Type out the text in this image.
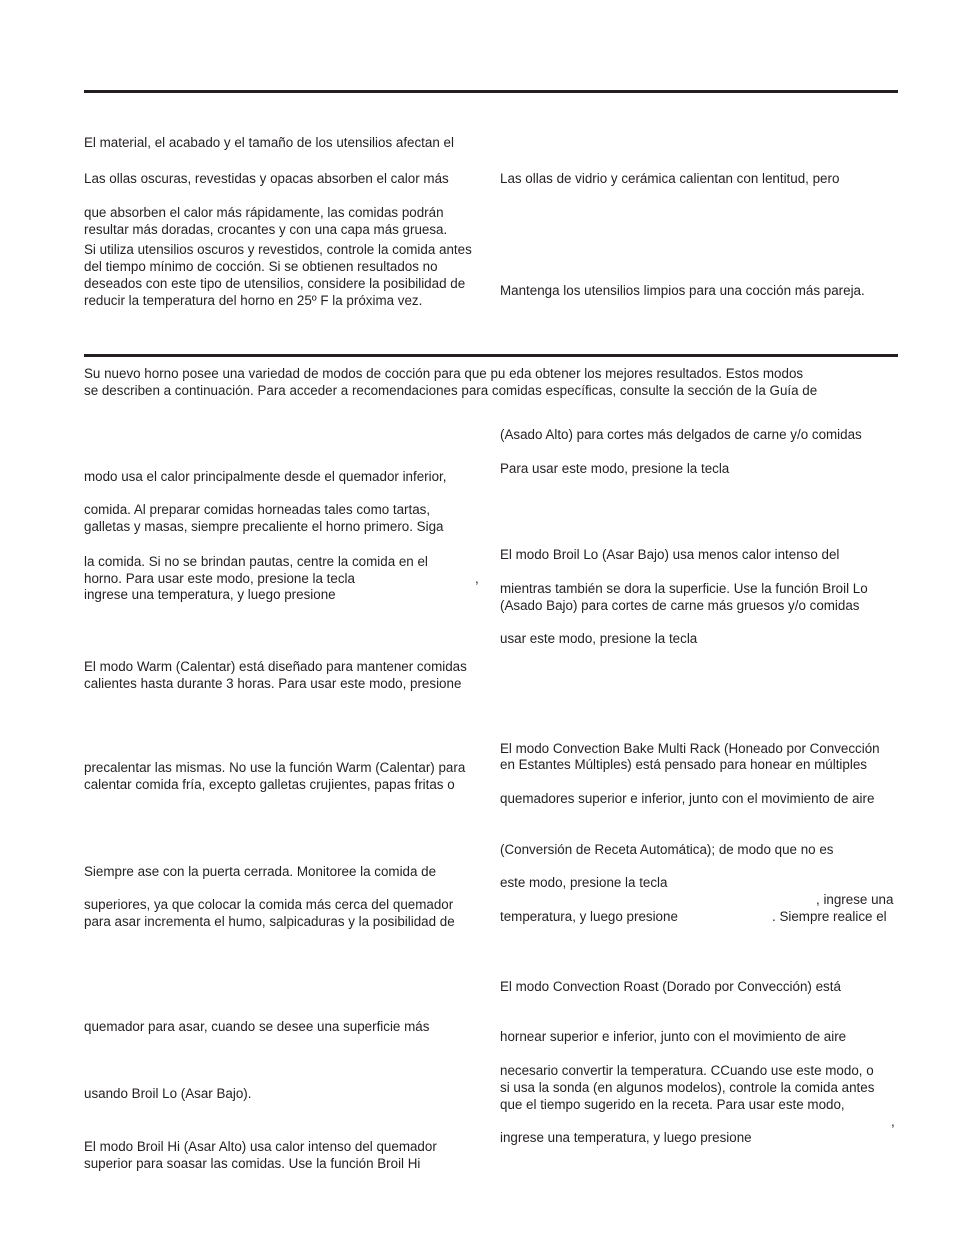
El material, el acabado y el tamaño de los utensilios afectan el
Las ollas oscuras, revestidas y opacas absorben el calor más
que absorben el calor más rápidamente, las comidas podrán
resultar más doradas, crocantes y con una capa más gruesa.
Si utiliza utensilios oscuros y revestidos, controle la comida antes
del tiempo mínimo de cocción. Si se obtienen resultados no
deseados con este tipo de utensilios, considere la posibilidad de
reducir la temperatura del horno en 25º F la próxima vez.
Las ollas de vidrio y cerámica calientan con lentitud, pero
Mantenga los utensilios limpios para una cocción más pareja.
Su nuevo horno posee una variedad de modos de cocción para que pu eda obtener los mejores resultados. Estos modos
se describen a continuación. Para acceder a recomendaciones para comidas específicas, consulte la sección de la Guía de
modo usa el calor principalmente desde el quemador inferior,
comida. Al preparar comidas horneadas tales como tartas,
galletas y masas, siempre precaliente el horno primero. Siga
la comida. Si no se brindan pautas, centre la comida en el
horno. Para usar este modo, presione la tecla	,
ingrese una temperatura, y luego presione
El modo Warm (Calentar) está diseñado para mantener comidas
calientes hasta durante 3 horas. Para usar este modo, presione
precalentar las mismas. No use la función Warm (Calentar) para
calentar comida fría, excepto galletas crujientes, papas fritas o
Siempre ase con la puerta cerrada. Monitoree la comida de
superiores, ya que colocar la comida más cerca del quemador
para asar incrementa el humo, salpicaduras y la posibilidad de
quemador para asar, cuando se desee una superficie más
usando Broil Lo (Asar Bajo).
El modo Broil Hi (Asar Alto) usa calor intenso del quemador
superior para soasar las comidas. Use la función Broil Hi
(Asado Alto) para cortes más delgados de carne y/o comidas
Para usar este modo, presione la tecla
El modo Broil Lo (Asar Bajo) usa menos calor intenso del
mientras también se dora la superficie. Use la función Broil Lo
(Asado Bajo) para cortes de carne más gruesos y/o comidas
usar este modo, presione la tecla
El modo Convection Bake Multi Rack (Honeado por Convección
en Estantes Múltiples) está pensado para honear en múltiples
quemadores superior e inferior, junto con el movimiento de aire
(Conversión de Receta Automática); de modo que no es
este modo, presione la tecla
, ingrese una
temperatura, y luego presione	. Siempre realice el
El modo Convection Roast (Dorado por Convección) está
hornear superior e inferior, junto con el movimiento de aire
necesario convertir la temperatura. CCuando use este modo, o
si usa la sonda (en algunos modelos), controle la comida antes
que el tiempo sugerido en la receta. Para usar este modo,
,
ingrese una temperatura, y luego presione
